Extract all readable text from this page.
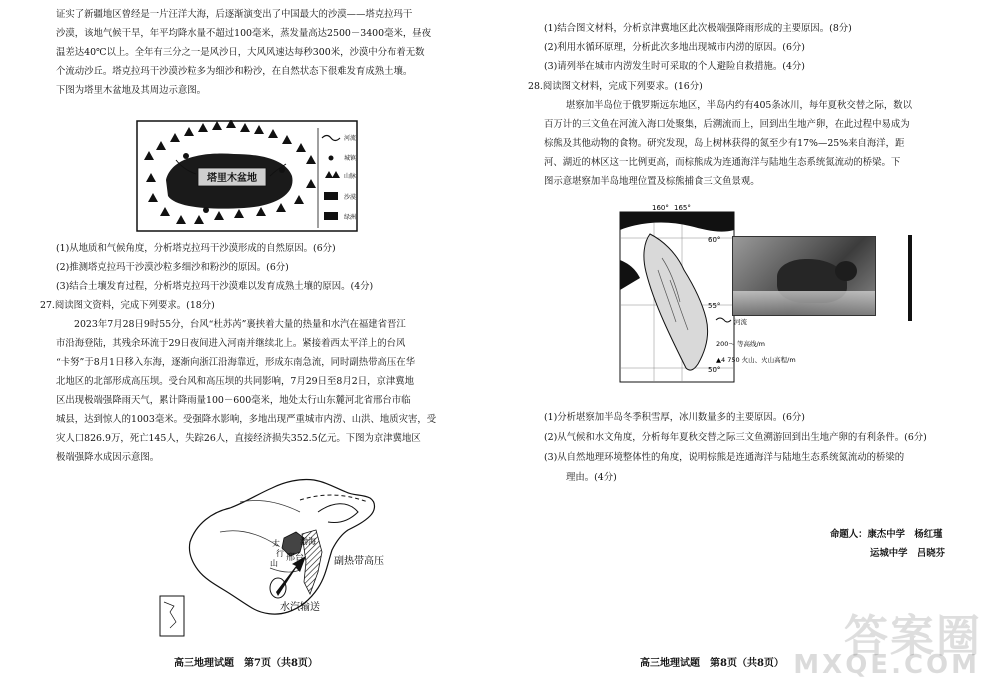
证实了新疆地区曾经是一片汪洋大海，后逐渐演变出了中国最大的沙漠——塔克拉玛干
沙漠，该地气候干旱，年平均降水量不超过100毫米，蒸发量高达2500－3400毫米，昼夜
温差达40℃以上。全年有三分之一是风沙日，大风风速达每秒300米，沙漠中分布着无数
个流动沙丘。塔克拉玛干沙漠沙粒多为细沙和粉沙，在自然状态下很难发育成熟土壤。
下图为塔里木盆地及其周边示意图。
塔里木盆地
河流
城镇
山脉
沙漠
绿洲
(1)从地质和气候角度，分析塔克拉玛干沙漠形成的自然原因。(6分)
(2)推测塔克拉玛干沙漠沙粒多细沙和粉沙的原因。(6分)
(3)结合土壤发育过程，分析塔克拉玛干沙漠难以发育成熟土壤的原因。(4分)
27.阅读图文资料，完成下列要求。(18分)
2023年7月28日9时55分，台风“杜苏芮”裹挟着大量的热量和水汽在福建省晋江
市沿海登陆，其残余环流于29日夜间进入河南并继续北上。紧接着西太平洋上的台风
“卡努”于8月1日移入东海，逐渐向浙江沿海靠近，形成东南急流，同时副热带高压在华
北地区的北部形成高压坝。受台风和高压坝的共同影响，7月29日至8月2日，京津冀地
区出现极端强降雨天气，累计降雨量100－600毫米，地处太行山东麓河北省邢台市临
城县，达到惊人的1003毫米。受强降水影响，多地出现严重城市内涝、山洪、地质灾害，受
灾人口826.9万，死亡145人，失踪26人，直接经济损失352.5亿元。下图为京津冀地区
极端强降水成因示意图。
副热带高压
水汽输送
邢台
渤海
太
行
山
高三地理试题　第7页（共8页）
(1)结合图文材料，分析京津冀地区此次极端强降雨形成的主要原因。(8分)
(2)利用水循环原理，分析此次多地出现城市内涝的原因。(6分)
(3)请列举在城市内涝发生时可采取的个人避险自救措施。(4分)
28.阅读图文材料，完成下列要求。(16分)
堪察加半岛位于俄罗斯远东地区，半岛内约有405条冰川，每年夏秋交替之际，数以
百万计的三文鱼在河流入海口处聚集，后溯流而上，回到出生地产卵，在此过程中易成为
棕熊及其他动物的食物。研究发现，岛上树林获得的氮至少有17%—25%来自海洋，距
河、湖近的林区这一比例更高，而棕熊成为连通海洋与陆地生态系统氮流动的桥梁。下
图示意堪察加半岛地理位置及棕熊捕食三文鱼景观。
160° 165°
60°
55°
50°
河流
200～ 等高线/m
▲4 750 火山、火山高程/m
(1)分析堪察加半岛冬季积雪厚，冰川数量多的主要原因。(6分)
(2)从气候和水文角度，分析每年夏秋交替之际三文鱼溯游回到出生地产卵的有利条件。(6分)
(3)从自然地理环境整体性的角度，说明棕熊是连通海洋与陆地生态系统氮流动的桥梁的
理由。(4分)
命题人：康杰中学　杨红瑾
运城中学　吕晓芬
高三地理试题　第8页（共8页）
答案圈
MXQE.COM
